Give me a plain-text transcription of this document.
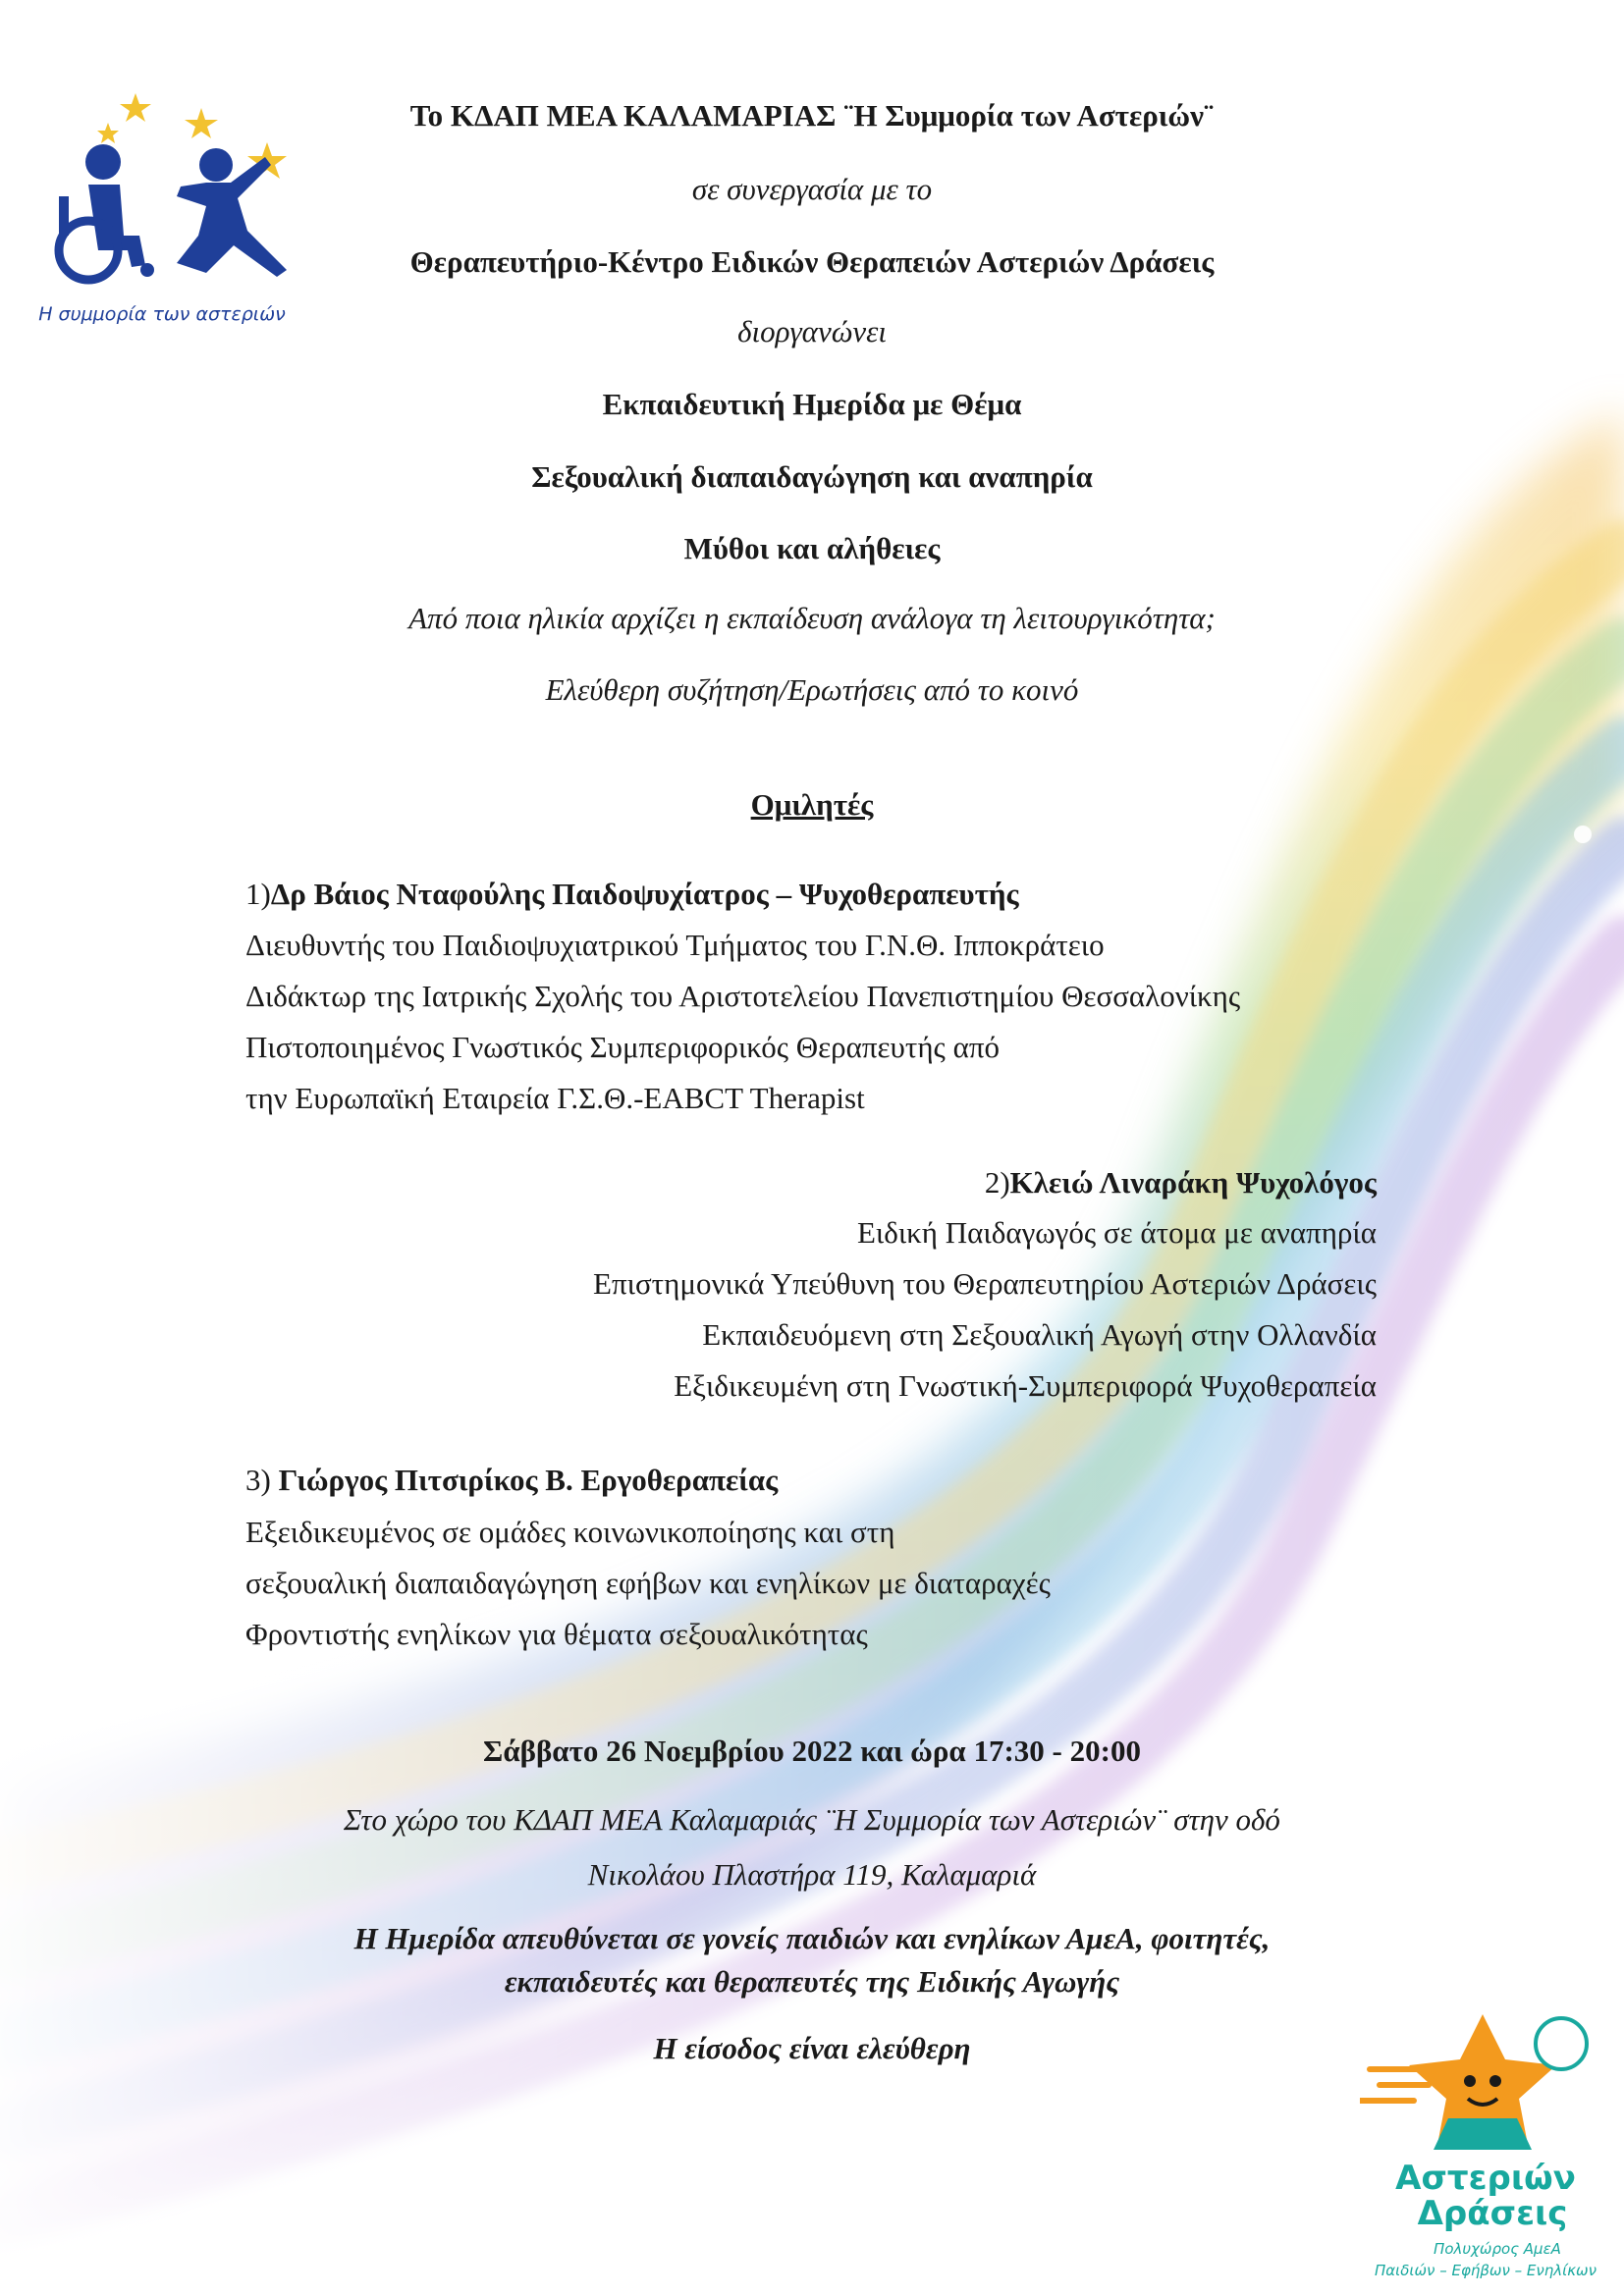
Η συμμορία των αστεριών
Αστεριών
Δράσεις
Πολυχώρος ΑμεΑ
Παιδιών – Εφήβων – Ενηλίκων
Το ΚΔΑΠ ΜΕΑ ΚΑΛΑΜΑΡΙΑΣ ¨Η Συμμορία των Αστεριών¨
σε συνεργασία με το
Θεραπευτήριο-Κέντρο Ειδικών Θεραπειών Αστεριών Δράσεις
διοργανώνει
Εκπαιδευτική Ημερίδα με Θέμα
Σεξουαλική διαπαιδαγώγηση και αναπηρία
Μύθοι και αλήθειες
Από ποια ηλικία αρχίζει η εκπαίδευση ανάλογα τη λειτουργικότητα;
Ελεύθερη συζήτηση/Ερωτήσεις από το κοινό
Ομιλητές
1)Δρ Βάιος Νταφούλης Παιδοψυχίατρος – Ψυχοθεραπευτής
Διευθυντής του Παιδιοψυχιατρικού Τμήματος του Γ.Ν.Θ. Ιπποκράτειο
Διδάκτωρ της Ιατρικής Σχολής του Αριστοτελείου Πανεπιστημίου Θεσσαλονίκης
Πιστοποιημένος Γνωστικός Συμπεριφορικός Θεραπευτής από
την Ευρωπαϊκή Εταιρεία Γ.Σ.Θ.-EABCT Therapist
2)Κλειώ Λιναράκη Ψυχολόγος
Ειδική Παιδαγωγός σε άτομα με αναπηρία
Επιστημονικά Υπεύθυνη του Θεραπευτηρίου Αστεριών Δράσεις
Εκπαιδευόμενη στη Σεξουαλική Αγωγή στην Ολλανδία
Εξιδικευμένη στη Γνωστική-Συμπεριφορά Ψυχοθεραπεία
3) Γιώργος Πιτσιρίκος Β. Εργοθεραπείας
Εξειδικευμένος σε ομάδες κοινωνικοποίησης και στη
σεξουαλική διαπαιδαγώγηση εφήβων και ενηλίκων με διαταραχές
Φροντιστής ενηλίκων για θέματα σεξουαλικότητας
Σάββατο 26 Νοεμβρίου 2022 και ώρα 17:30 - 20:00
Στο χώρο του ΚΔΑΠ ΜΕΑ Καλαμαριάς ¨Η Συμμορία των Αστεριών¨ στην οδό
Νικολάου Πλαστήρα 119, Καλαμαριά
Η Ημερίδα απευθύνεται σε γονείς παιδιών και ενηλίκων ΑμεΑ, φοιτητές,
εκπαιδευτές και θεραπευτές της Ειδικής Αγωγής
Η είσοδος είναι ελεύθερη
